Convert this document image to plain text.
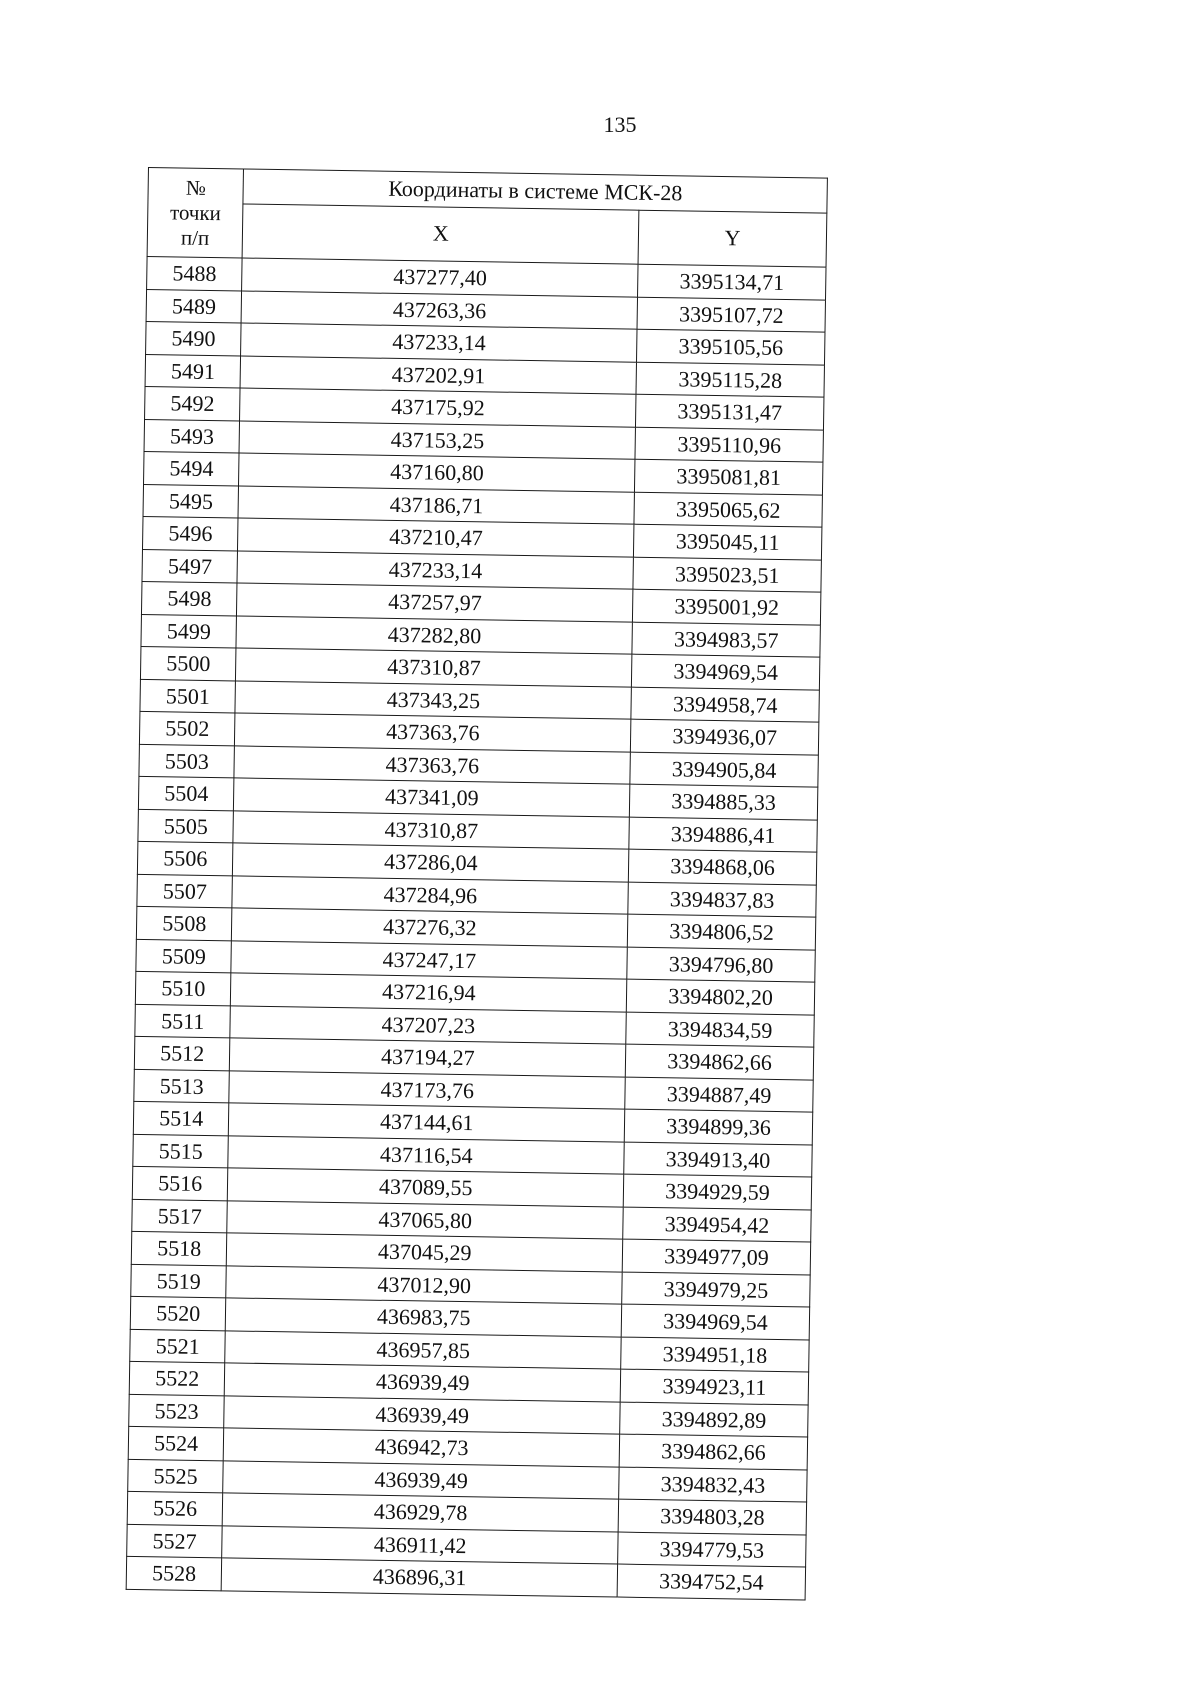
135
№
точки
п/п	Координаты в системе МСК-28	
	X	Y
5488	437277,40	3395134,71
5489	437263,36	3395107,72
5490	437233,14	3395105,56
5491	437202,91	3395115,28
5492	437175,92	3395131,47
5493	437153,25	3395110,96
5494	437160,80	3395081,81
5495	437186,71	3395065,62
5496	437210,47	3395045,11
5497	437233,14	3395023,51
5498	437257,97	3395001,92
5499	437282,80	3394983,57
5500	437310,87	3394969,54
5501	437343,25	3394958,74
5502	437363,76	3394936,07
5503	437363,76	3394905,84
5504	437341,09	3394885,33
5505	437310,87	3394886,41
5506	437286,04	3394868,06
5507	437284,96	3394837,83
5508	437276,32	3394806,52
5509	437247,17	3394796,80
5510	437216,94	3394802,20
5511	437207,23	3394834,59
5512	437194,27	3394862,66
5513	437173,76	3394887,49
5514	437144,61	3394899,36
5515	437116,54	3394913,40
5516	437089,55	3394929,59
5517	437065,80	3394954,42
5518	437045,29	3394977,09
5519	437012,90	3394979,25
5520	436983,75	3394969,54
5521	436957,85	3394951,18
5522	436939,49	3394923,11
5523	436939,49	3394892,89
5524	436942,73	3394862,66
5525	436939,49	3394832,43
5526	436929,78	3394803,28
5527	436911,42	3394779,53
5528	436896,31	3394752,54
